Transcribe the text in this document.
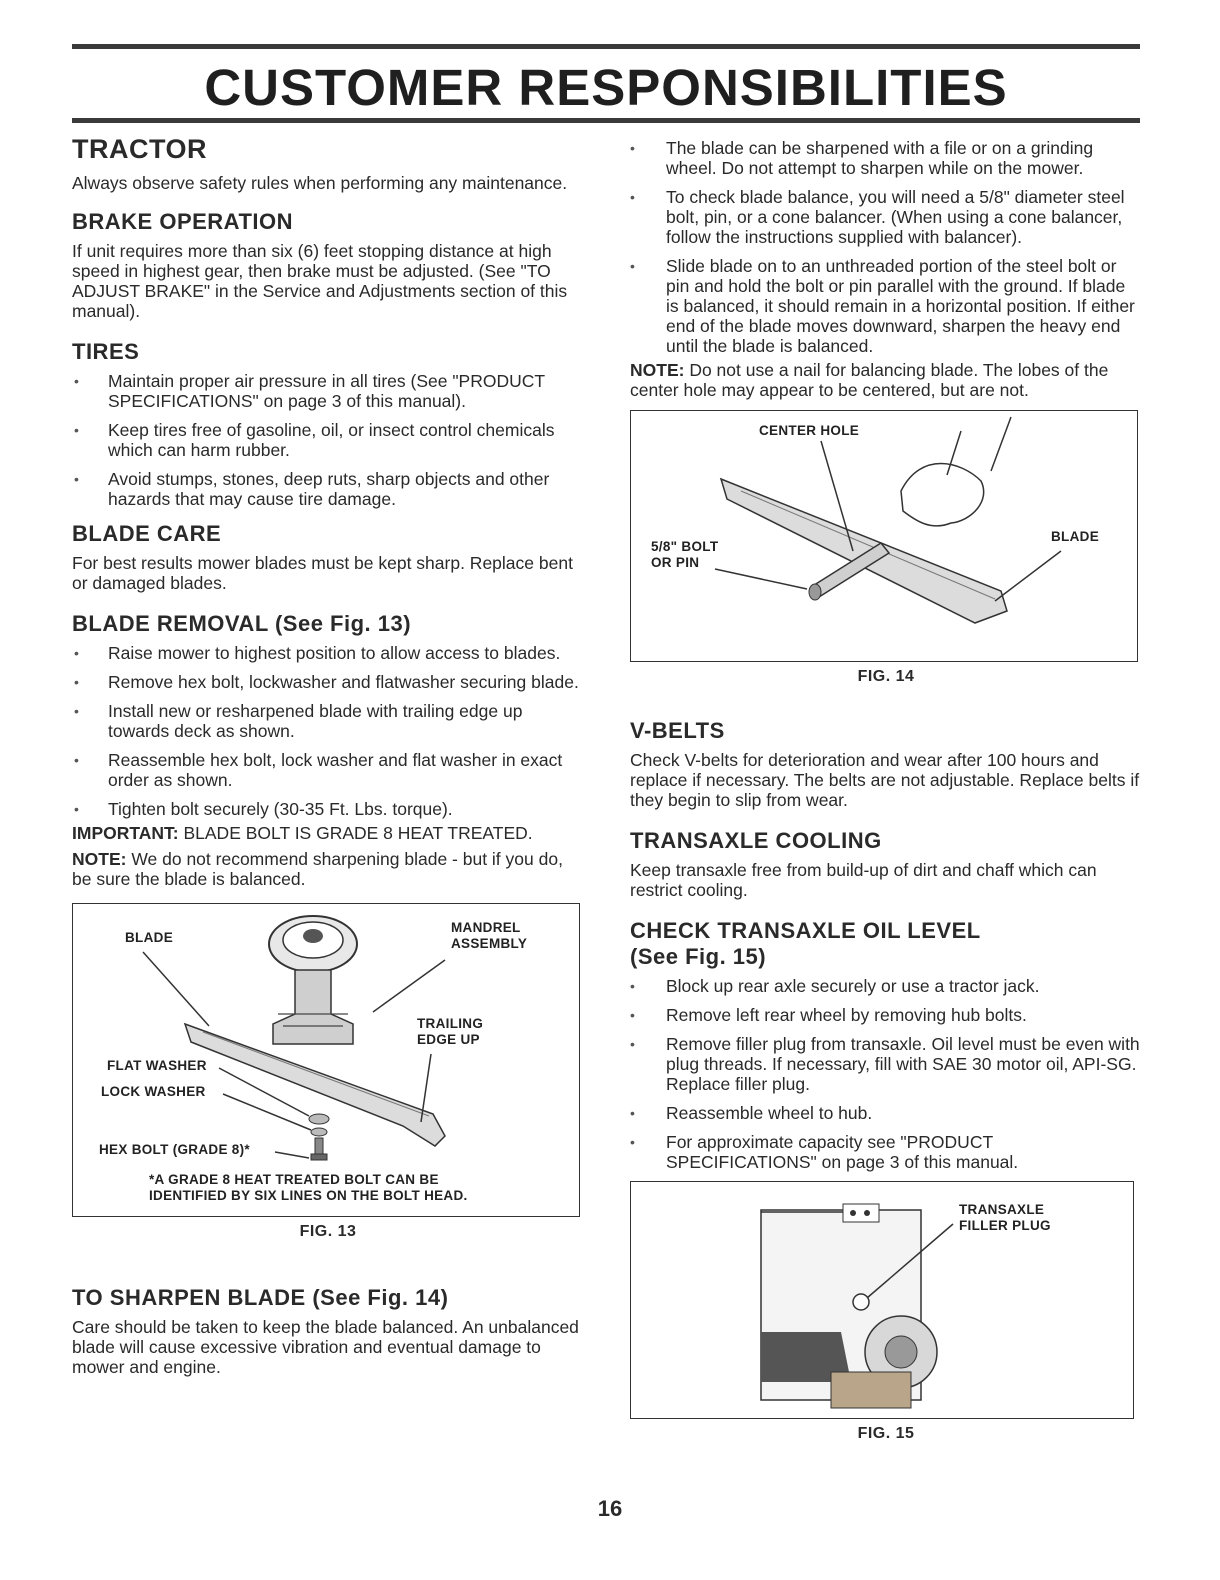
CUSTOMER RESPONSIBILITIES
TRACTOR

Always observe safety rules when performing any maintenance.

BRAKE OPERATION

If unit requires more than six (6) feet stopping distance at high speed in highest gear, then brake must be adjusted. (See "TO ADJUST BRAKE" in the Service and Adjustments section of this manual).

TIRES
• Maintain proper air pressure in all tires (See "PRODUCT SPECIFICATIONS" on page 3 of this manual).
• Keep tires free of gasoline, oil, or insect control chemicals which can harm rubber.
• Avoid stumps, stones, deep ruts, sharp objects and other hazards that may cause tire damage.
BLADE CARE

For best results mower blades must be kept sharp. Replace bent or damaged blades.

BLADE REMOVAL (See Fig. 13)
• Raise mower to highest position to allow access to blades.
• Remove hex bolt, lockwasher and flatwasher securing blade.
• Install new or resharpened blade with trailing edge up towards deck as shown.
• Reassemble hex bolt, lock washer and flat washer in exact order as shown.
• Tighten bolt securely (30-35 Ft. Lbs. torque).

IMPORTANT: BLADE BOLT IS GRADE 8 HEAT TREATED.

NOTE: We do not recommend sharpening blade - but if you do, be sure the blade is balanced.

BLADE
MANDREL
ASSEMBLY
TRAILING
EDGE UP
FLAT WASHER
LOCK WASHER
HEX BOLT (GRADE 8)*
*A GRADE 8 HEAT TREATED BOLT CAN BE
IDENTIFIED BY SIX LINES ON THE BOLT HEAD.
FIG. 13
TO SHARPEN BLADE (See Fig. 14)

Care should be taken to keep the blade balanced. An unbalanced blade will cause excessive vibration and eventual damage to mower and engine.

• The blade can be sharpened with a file or on a grinding wheel. Do not attempt to sharpen while on the mower.
• To check blade balance, you will need a 5/8" diameter steel bolt, pin, or a cone balancer. (When using a cone balancer, follow the instructions supplied with balancer).
• Slide blade on to an unthreaded portion of the steel bolt or pin and hold the bolt or pin parallel with the ground. If blade is balanced, it should remain in a horizontal position. If either end of the blade moves downward, sharpen the heavy end until the blade is balanced.

NOTE: Do not use a nail for balancing blade. The lobes of the center hole may appear to be centered, but are not.

CENTER HOLE
5/8" BOLT
OR PIN
BLADE
FIG. 14
V-BELTS

Check V-belts for deterioration and wear after 100 hours and replace if necessary. The belts are not adjustable. Replace belts if they begin to slip from wear.

TRANSAXLE COOLING

Keep transaxle free from build-up of dirt and chaff which can restrict cooling.

CHECK TRANSAXLE OIL LEVEL
(See Fig. 15)
• Block up rear axle securely or use a tractor jack.
• Remove left rear wheel by removing hub bolts.
• Remove filler plug from transaxle. Oil level must be even with plug threads. If necessary, fill with SAE 30 motor oil, API-SG. Replace filler plug.
• Reassemble wheel to hub.
• For approximate capacity see "PRODUCT SPECIFICATIONS" on page 3 of this manual.
TRANSAXLE
FILLER PLUG
FIG. 15
16
